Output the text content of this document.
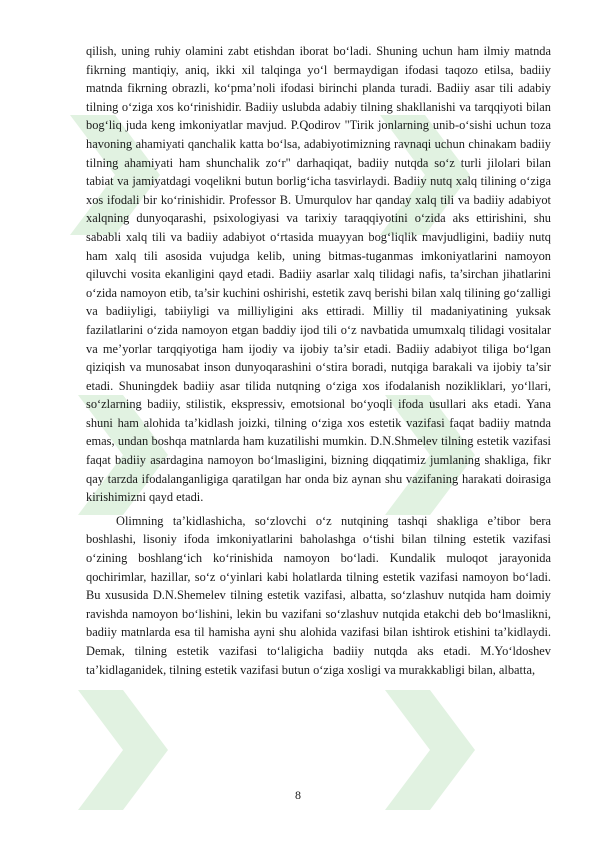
qilish, uning ruhiy olamini zabt etishdan iborat bo‘ladi. Shuning uchun ham ilmiy matnda fikrning mantiqiy, aniq, ikki xil talqinga yo‘l bermaydigan ifodasi taqozo etilsa, badiiy matnda fikrning obrazli, ko‘pma’noli ifodasi birinchi planda turadi. Badiiy asar tili adabiy tilning o‘ziga xos ko‘rinishidir. Badiiy uslubda adabiy tilning shakllanishi va tarqqiyoti bilan bog‘liq juda keng imkoniyatlar mavjud. P.Qodirov "Tirik jonlarning unib-o‘sishi uchun toza havoning ahamiyati qanchalik katta bo‘lsa, adabiyotimizning ravnaqi uchun chinakam badiiy tilning ahamiyati ham shunchalik zo‘r" darhaqiqat, badiiy nutqda so‘z turli jilolari bilan tabiat va jamiyatdagi voqelikni butun borlig‘icha tasvirlaydi. Badiiy nutq xalq tilining o‘ziga xos ifodali bir ko‘rinishidir. Professor B. Umurqulov har qanday xalq tili va badiiy adabiyot xalqning dunyoqarashi, psixologiyasi va tarixiy taraqqiyotini o‘zida aks ettirishini, shu sababli xalq tili va badiiy adabiyot o‘rtasida muayyan bog‘liqlik mavjudligini, badiiy nutq ham xalq tili asosida vujudga kelib, uning bitmas-tuganmas imkoniyatlarini namoyon qiluvchi vosita ekanligini qayd etadi. Badiiy asarlar xalq tilidagi nafis, ta’sirchan jihatlarini o‘zida namoyon etib, ta’sir kuchini oshirishi, estetik zavq berishi bilan xalq tilining go‘zalligi va badiiyligi, tabiiyligi va milliyligini aks ettiradi. Milliy til madaniyatining yuksak fazilatlarini o‘zida namoyon etgan baddiy ijod tili o‘z navbatida umumxalq tilidagi vositalar va me’yorlar tarqqiyotiga ham ijodiy va ijobiy ta’sir etadi. Badiiy adabiyot tiliga bo‘lgan qiziqish va munosabat inson dunyoqarashini o‘stira boradi, nutqiga barakali va ijobiy ta’sir etadi. Shuningdek badiiy asar tilida nutqning o‘ziga xos ifodalanish nozikliklari, yo‘llari, so‘zlarning badiiy, stilistik, ekspressiv, emotsional bo‘yoqli ifoda usullari aks etadi. Yana shuni ham alohida ta’kidlash joizki, tilning o‘ziga xos estetik vazifasi faqat badiiy matnda emas, undan boshqa matnlarda ham kuzatilishi mumkin. D.N.Shmelev tilning estetik vazifasi faqat badiiy asardagina namoyon bo‘lmasligini, bizning diqqatimiz jumlaning shakliga, fikr qay tarzda ifodalanganligiga qaratilgan har onda biz aynan shu vazifaning harakati doirasiga kirishimizni qayd etadi.

Olimning ta’kidlashicha, so‘zlovchi o‘z nutqining tashqi shakliga e’tibor bera boshlashi, lisoniy ifoda imkoniyatlarini baholashga o‘tishi bilan tilning estetik vazifasi o‘zining boshlang‘ich ko‘rinishida namoyon bo‘ladi. Kundalik muloqot jarayonida qochirimlar, hazillar, so‘z o‘yinlari kabi holatlarda tilning estetik vazifasi namoyon bo‘ladi. Bu xususida D.N.Shemelev tilning estetik vazifasi, albatta, so‘zlashuv nutqida ham doimiy ravishda namoyon bo‘lishini, lekin bu vazifani so‘zlashuv nutqida etakchi deb bo‘lmaslikni, badiiy matnlarda esa til hamisha ayni shu alohida vazifasi bilan ishtirok etishini ta’kidlaydi. Demak, tilning estetik vazifasi to‘laligicha badiiy nutqda aks etadi. M.Yo‘ldoshev ta’kidlaganidek, tilning estetik vazifasi butun o‘ziga xosligi va murakkabligi bilan, albatta,

8
